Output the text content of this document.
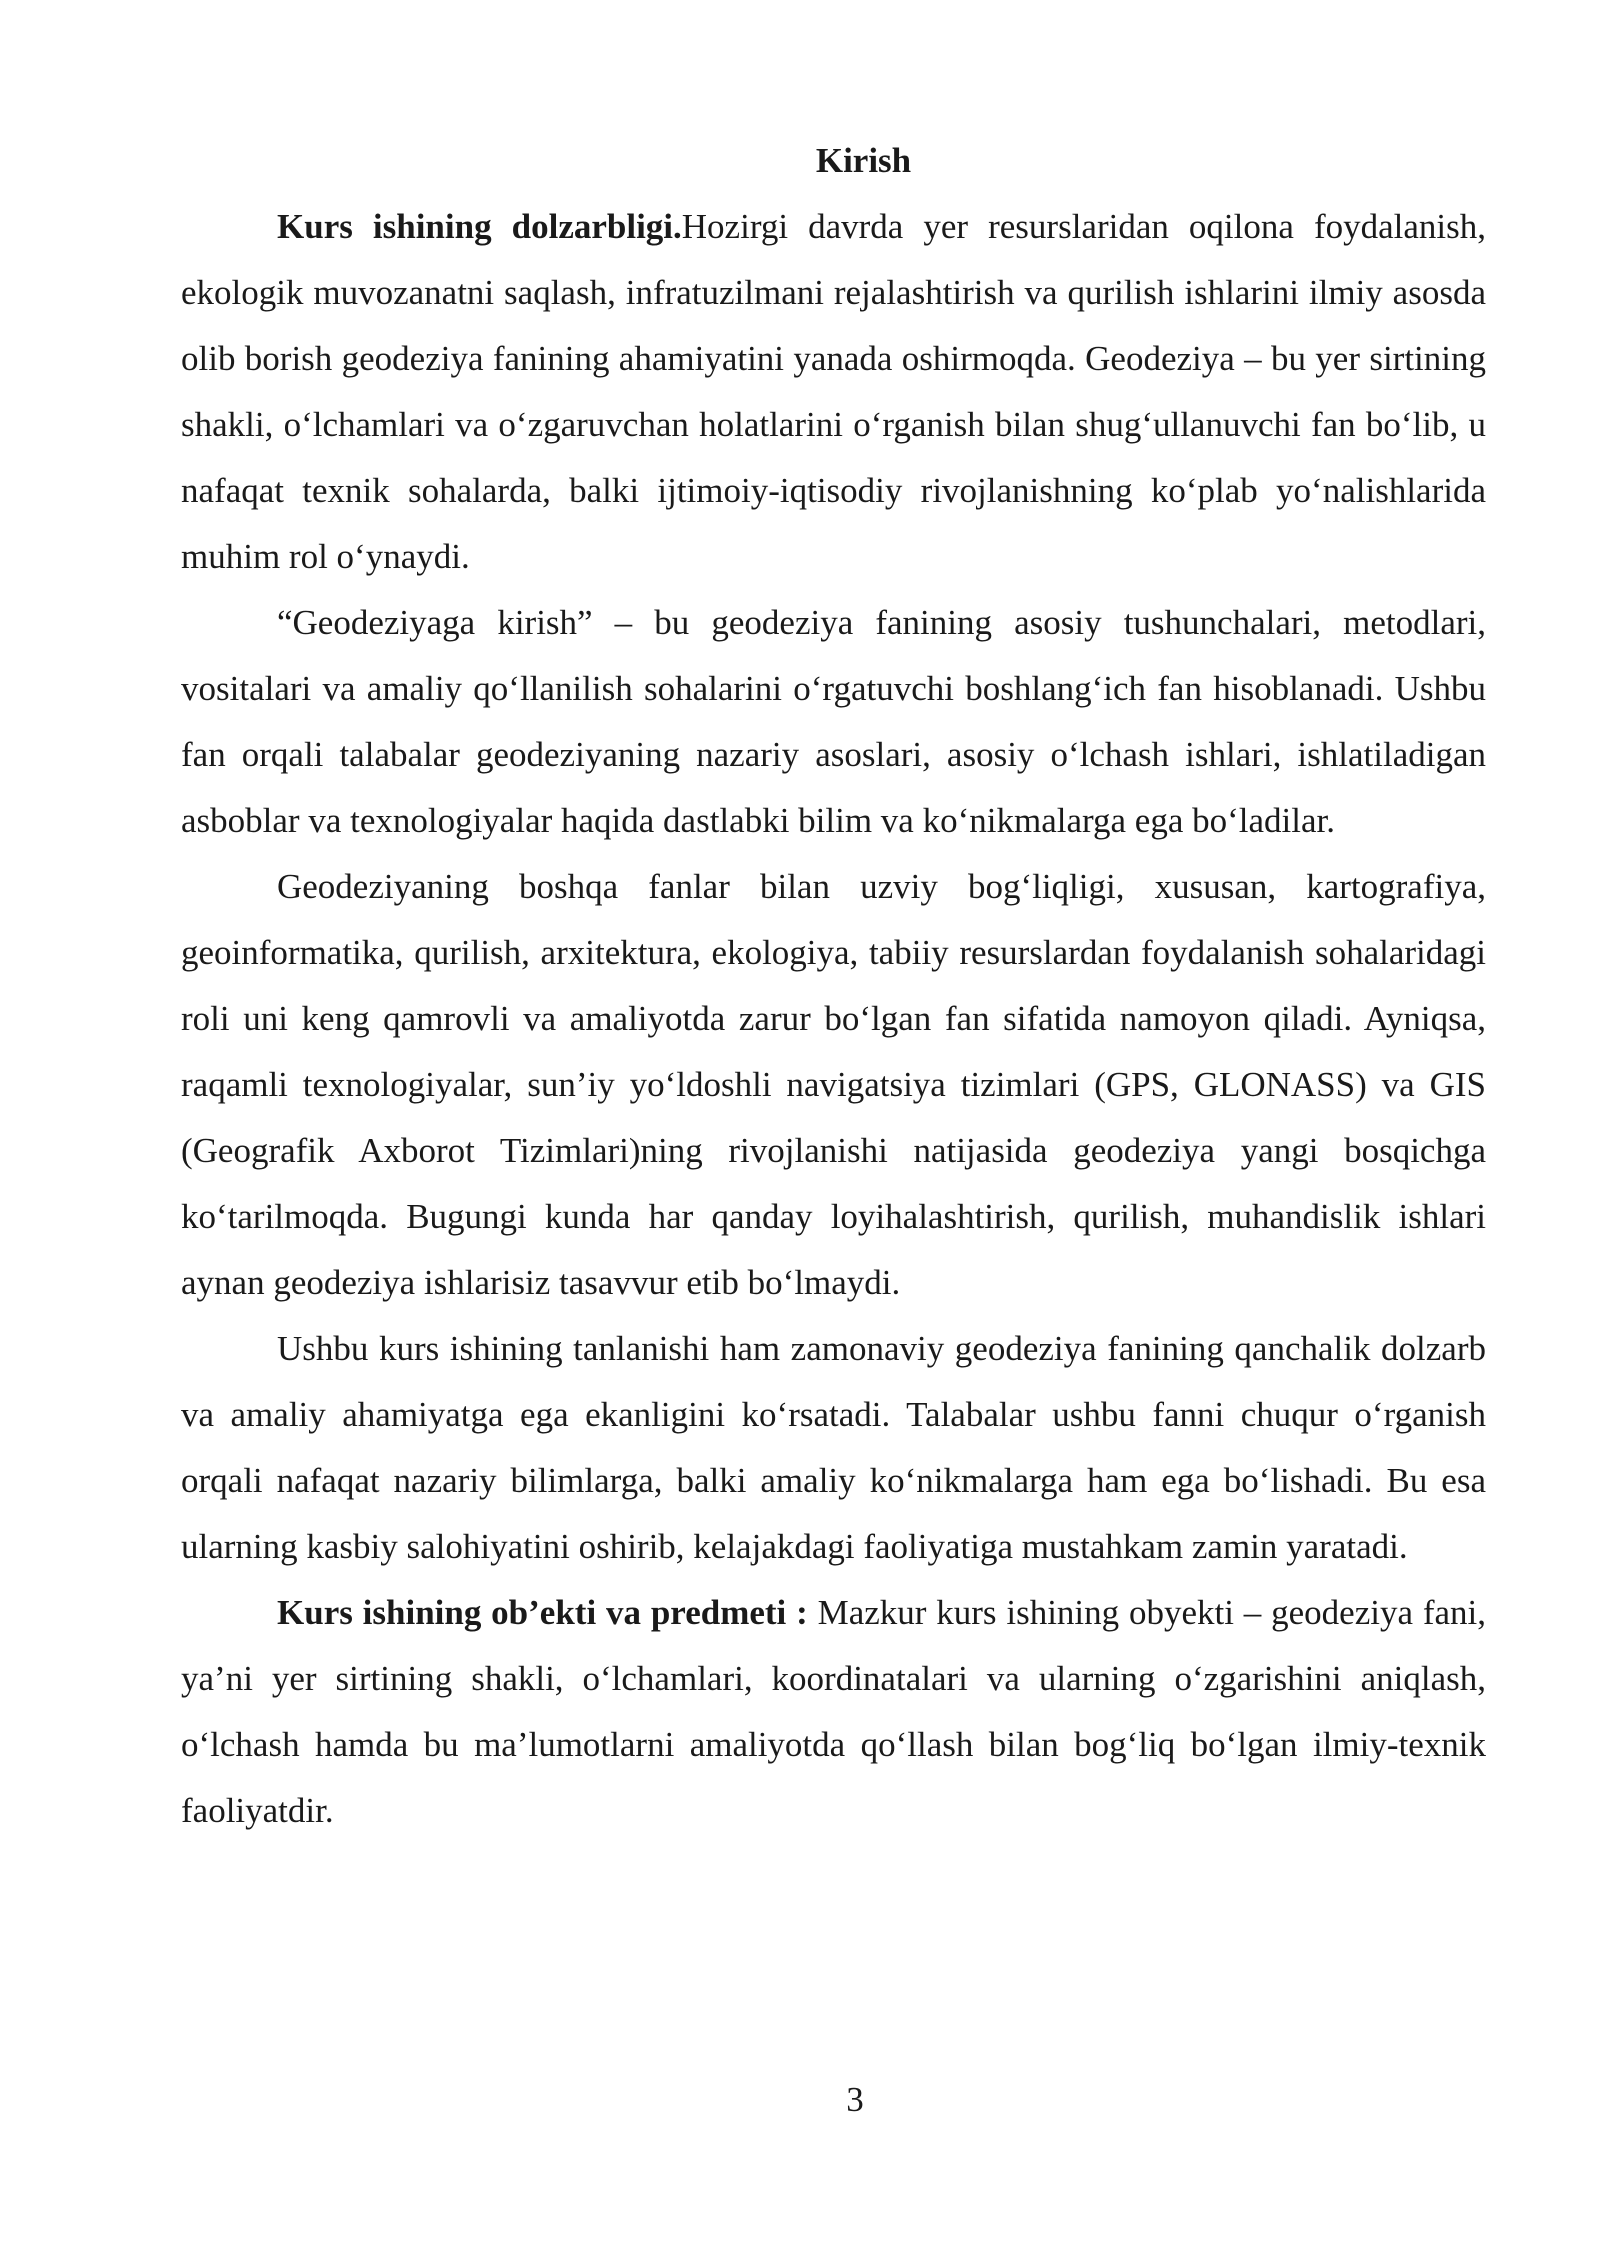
Kirish

Kurs ishining dolzarbligi.Hozirgi davrda yer resurslaridan oqilona foydalanish, ekologik muvozanatni saqlash, infratuzilmani rejalashtirish va qurilish ishlarini ilmiy asosda olib borish geodeziya fanining ahamiyatini yanada oshirmoqda. Geodeziya – bu yer sirtining shakli, o‘lchamlari va o‘zgaruvchan holatlarini o‘rganish bilan shug‘ullanuvchi fan bo‘lib, u nafaqat texnik sohalarda, balki ijtimoiy-iqtisodiy rivojlanishning ko‘plab yo‘nalishlarida muhim rol o‘ynaydi.

“Geodeziyaga kirish” – bu geodeziya fanining asosiy tushunchalari, metodlari, vositalari va amaliy qo‘llanilish sohalarini o‘rgatuvchi boshlang‘ich fan hisoblanadi. Ushbu fan orqali talabalar geodeziyaning nazariy asoslari, asosiy o‘lchash ishlari, ishlatiladigan asboblar va texnologiyalar haqida dastlabki bilim va ko‘nikmalarga ega bo‘ladilar.

Geodeziyaning boshqa fanlar bilan uzviy bog‘liqligi, xususan, kartografiya, geoinformatika, qurilish, arxitektura, ekologiya, tabiiy resurslardan foydalanish sohalaridagi roli uni keng qamrovli va amaliyotda zarur bo‘lgan fan sifatida namoyon qiladi. Ayniqsa, raqamli texnologiyalar, sun’iy yo‘ldoshli navigatsiya tizimlari (GPS, GLONASS) va GIS (Geografik Axborot Tizimlari)ning rivojlanishi natijasida geodeziya yangi bosqichga ko‘tarilmoqda. Bugungi kunda har qanday loyihalashtirish, qurilish, muhandislik ishlari aynan geodeziya ishlarisiz tasavvur etib bo‘lmaydi.

Ushbu kurs ishining tanlanishi ham zamonaviy geodeziya fanining qanchalik dolzarb va amaliy ahamiyatga ega ekanligini ko‘rsatadi. Talabalar ushbu fanni chuqur o‘rganish orqali nafaqat nazariy bilimlarga, balki amaliy ko‘nikmalarga ham ega bo‘lishadi. Bu esa ularning kasbiy salohiyatini oshirib, kelajakdagi faoliyatiga mustahkam zamin yaratadi.

Kurs ishining ob’ekti va predmeti : Mazkur kurs ishining obyekti – geodeziya fani, ya’ni yer sirtining shakli, o‘lchamlari, koordinatalari va ularning o‘zgarishini aniqlash, o‘lchash hamda bu ma’lumotlarni amaliyotda qo‘llash bilan bog‘liq bo‘lgan ilmiy-texnik faoliyatdir.

3
